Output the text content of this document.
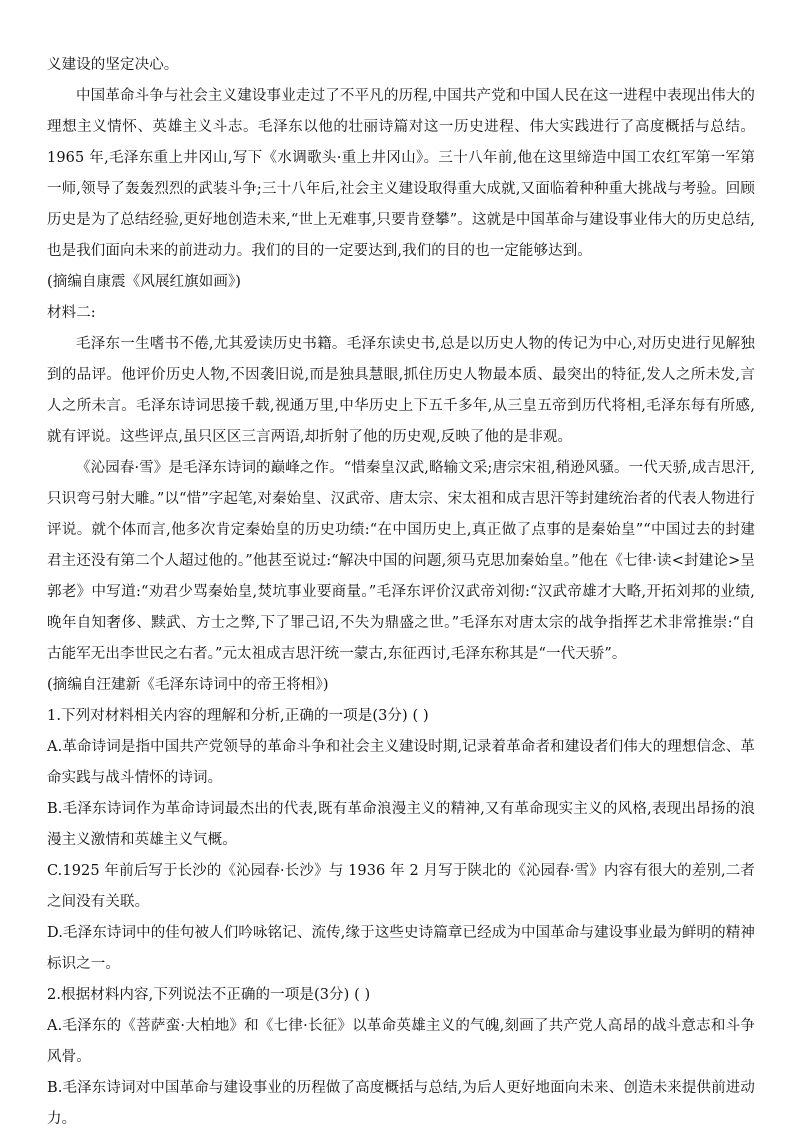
义建设的坚定决心。

中国革命斗争与社会主义建设事业走过了不平凡的历程,中国共产党和中国人民在这一进程中表现出伟大的理想主义情怀、英雄主义斗志。毛泽东以他的壮丽诗篇对这一历史进程、伟大实践进行了高度概括与总结。1965 年,毛泽东重上井冈山,写下《水调歌头·重上井冈山》。三十八年前,他在这里缔造中国工农红军第一军第一师,领导了轰轰烈烈的武装斗争;三十八年后,社会主义建设取得重大成就,又面临着种种重大挑战与考验。回顾历史是为了总结经验,更好地创造未来,“世上无难事,只要肯登攀”。这就是中国革命与建设事业伟大的历史总结,也是我们面向未来的前进动力。我们的目的一定要达到,我们的目的也一定能够达到。

(摘编自康震《风展红旗如画》)

材料二:

毛泽东一生嗜书不倦,尤其爱读历史书籍。毛泽东读史书,总是以历史人物的传记为中心,对历史进行见解独到的品评。他评价历史人物,不因袭旧说,而是独具慧眼,抓住历史人物最本质、最突出的特征,发人之所未发,言人之所未言。毛泽东诗词思接千载,视通万里,中华历史上下五千多年,从三皇五帝到历代将相,毛泽东每有所感,就有评说。这些评点,虽只区区三言两语,却折射了他的历史观,反映了他的是非观。

《沁园春·雪》是毛泽东诗词的巅峰之作。“惜秦皇汉武,略输文采;唐宗宋祖,稍逊风骚。一代天骄,成吉思汗,只识弯弓射大雕。”以“惜”字起笔,对秦始皇、汉武帝、唐太宗、宋太祖和成吉思汗等封建统治者的代表人物进行评说。就个体而言,他多次肯定秦始皇的历史功绩:“在中国历史上,真正做了点事的是秦始皇”“中国过去的封建君主还没有第二个人超过他的。”他甚至说过:“解决中国的问题,须马克思加秦始皇。”他在《七律·读<封建论>呈郭老》中写道:“劝君少骂秦始皇,焚坑事业要商量。”毛泽东评价汉武帝刘彻:“汉武帝雄才大略,开拓刘邦的业绩,晚年自知奢侈、黩武、方士之弊,下了罪己诏,不失为鼎盛之世。”毛泽东对唐太宗的战争指挥艺术非常推崇:“自古能军无出李世民之右者。”元太祖成吉思汗统一蒙古,东征西讨,毛泽东称其是“一代天骄”。

(摘编自汪建新《毛泽东诗词中的帝王将相》)

1.下列对材料相关内容的理解和分析,正确的一项是(3分) ( )

A.革命诗词是指中国共产党领导的革命斗争和社会主义建设时期,记录着革命者和建设者们伟大的理想信念、革命实践与战斗情怀的诗词。

B.毛泽东诗词作为革命诗词最杰出的代表,既有革命浪漫主义的精神,又有革命现实主义的风格,表现出昂扬的浪漫主义激情和英雄主义气概。

C.1925 年前后写于长沙的《沁园春·长沙》与 1936 年 2 月写于陕北的《沁园春·雪》内容有很大的差别,二者之间没有关联。

D.毛泽东诗词中的佳句被人们吟咏铭记、流传,缘于这些史诗篇章已经成为中国革命与建设事业最为鲜明的精神标识之一。

2.根据材料内容,下列说法不正确的一项是(3分) ( )

A.毛泽东的《菩萨蛮·大柏地》和《七律·长征》以革命英雄主义的气魄,刻画了共产党人高昂的战斗意志和斗争风骨。

B.毛泽东诗词对中国革命与建设事业的历程做了高度概括与总结,为后人更好地面向未来、创造未来提供前进动力。
